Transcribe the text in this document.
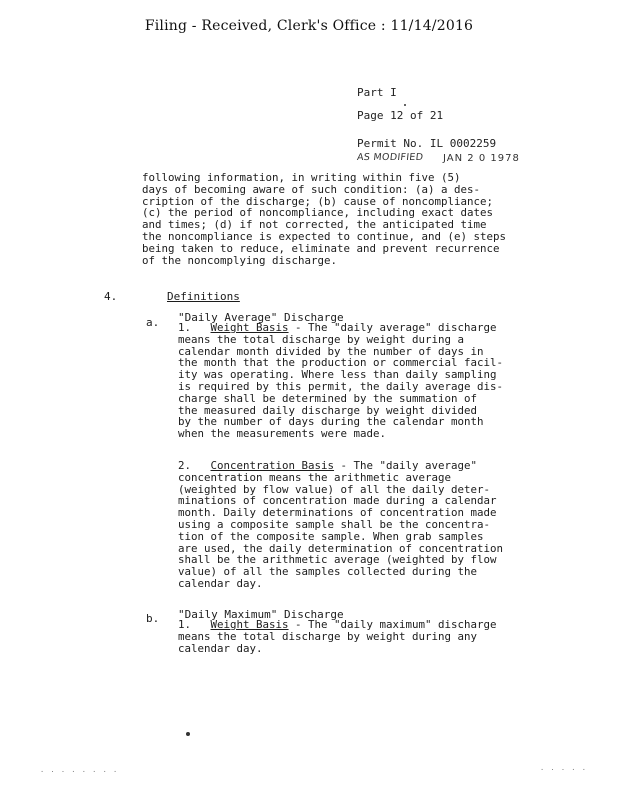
Filing - Received, Clerk's Office : 11/14/2016
Part I
Page 12 of 21
Permit No. IL 0002259
AS MODIFIED JAN 2 0 1978
following information, in writing within five (5)
days of becoming aware of such condition: (a) a des-
cription of the discharge; (b) cause of noncompliance;
(c) the period of noncompliance, including exact dates
and times; (d) if not corrected, the anticipated time
the noncompliance is expected to continue, and (e) steps
being taken to reduce, eliminate and prevent recurrence
of the noncomplying discharge.
4.	Definitions
a. "Daily Average" Discharge
1. Weight Basis - The "daily average" discharge
means the total discharge by weight during a
calendar month divided by the number of days in
the month that the production or commercial facil-
ity was operating. Where less than daily sampling
is required by this permit, the daily average dis-
charge shall be determined by the summation of
the measured daily discharge by weight divided
by the number of days during the calendar month
when the measurements were made.
2. Concentration Basis - The "daily average"
concentration means the arithmetic average
(weighted by flow value) of all the daily deter-
minations of concentration made during a calendar
month. Daily determinations of concentration made
using a composite sample shall be the concentra-
tion of the composite sample. When grab samples
are used, the daily determination of concentration
shall be the arithmetic average (weighted by flow
value) of all the samples collected during the
calendar day.
b. "Daily Maximum" Discharge
1. Weight Basis - The "daily maximum" discharge
means the total discharge by weight during any
calendar day.
. . . . . . . .	. . . . .
